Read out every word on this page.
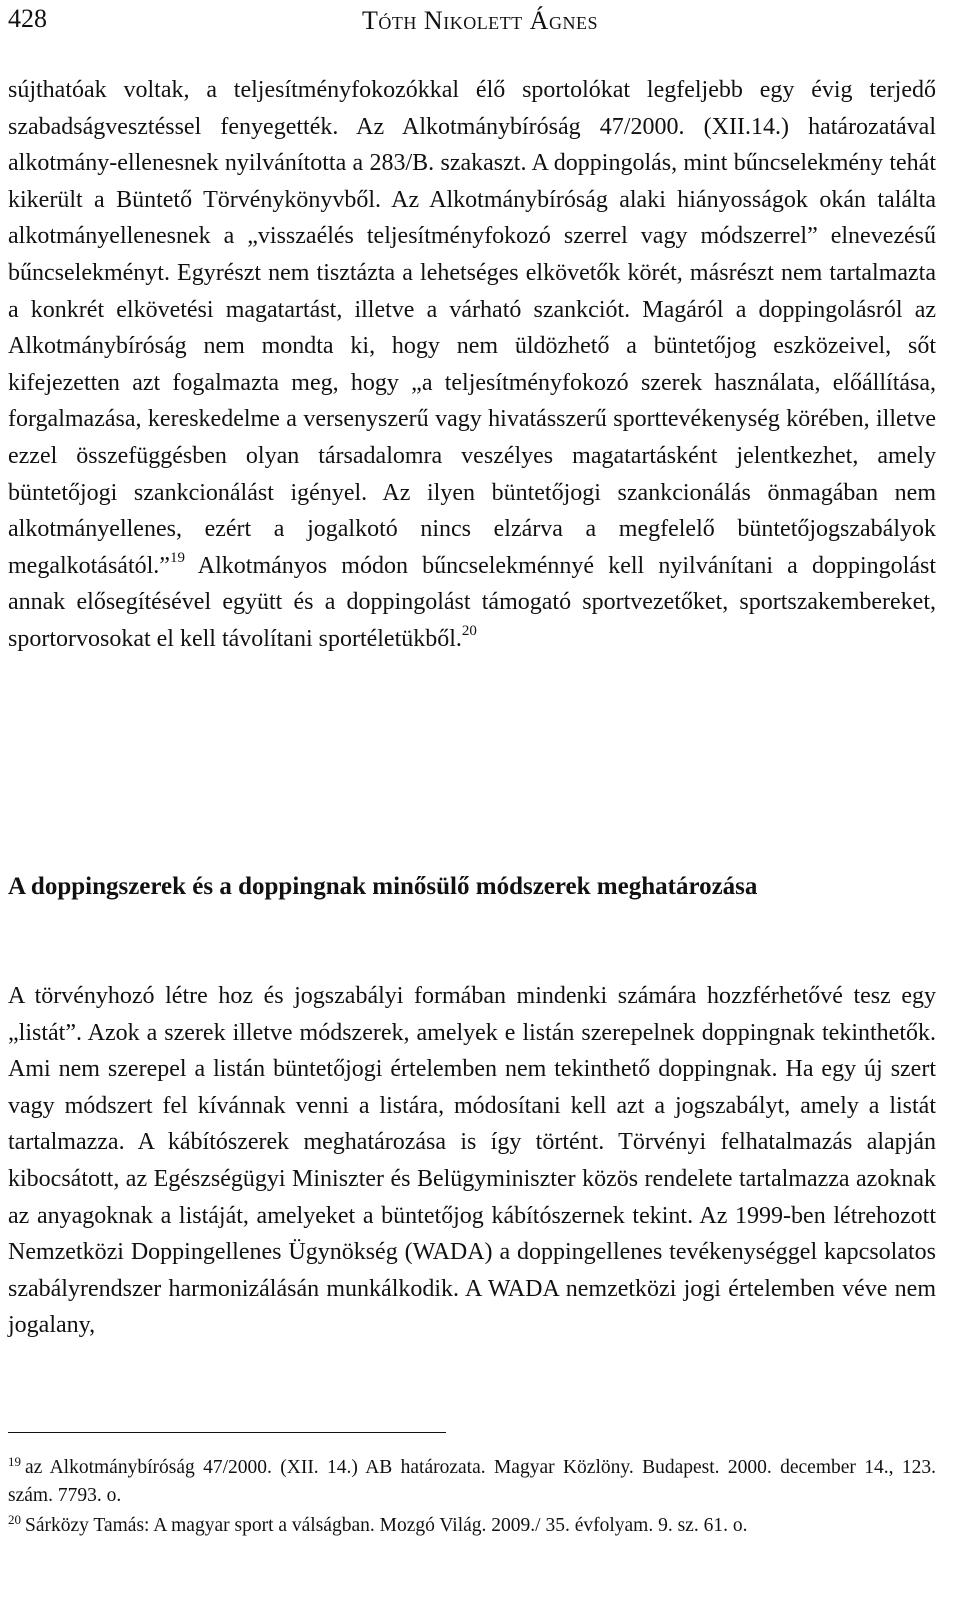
428	Tóth Nikolett Ágnes

sújthatóak voltak, a teljesítményfokozókkal élő sportolókat legfeljebb egy évig terjedő szabadságvesztéssel fenyegették. Az Alkotmánybíróság 47/2000. (XII.14.) határozatával alkotmány-ellenesnek nyilvánította a 283/B. szakaszt. A doppingolás, mint bűncselekmény tehát kikerült a Büntető Törvénykönyvből. Az Alkotmánybíróság alaki hiányosságok okán találta alkotmányellenesnek a „visszaélés teljesítményfokozó szerrel vagy módszerrel” elnevezésű bűncselekményt. Egyrészt nem tisztázta a lehetséges elkövetők körét, másrészt nem tartalmazta a konkrét elkövetési magatartást, illetve a várható szankciót. Magáról a doppingolásról az Alkotmánybíróság nem mondta ki, hogy nem üldözhető a büntetőjog eszközeivel, sőt kifejezetten azt fogalmazta meg, hogy „a teljesítményfokozó szerek használata, előállítása, forgalmazása, kereskedelme a versenyszerű vagy hivatásszerű sporttevékenység körében, illetve ezzel összefüggésben olyan társadalomra veszélyes magatartásként jelentkezhet, amely büntetőjogi szankcionálást igényel. Az ilyen büntetőjogi szankcionálás önmagában nem alkotmányellenes, ezért a jogalkotó nincs elzárva a megfelelő büntetőjogszabályok megalkotásától.”$^{19}$ Alkotmányos módon bűncselekménnyé kell nyilvánítani a doppingolást annak elősegítésével együtt és a doppingolást támogató sportvezetőket, sportszakembereket, sportorvosokat el kell távolítani sportéletükből.$^{20}$

A doppingszerek és a doppingnak minősülő módszerek meghatározása

A törvényhozó létre hoz és jogszabályi formában mindenki számára hozzférhetővé tesz egy „listát”. Azok a szerek illetve módszerek, amelyek e listán szerepelnek doppingnak tekinthetők. Ami nem szerepel a listán büntetőjogi értelemben nem tekinthető doppingnak. Ha egy új szert vagy módszert fel kívánnak venni a listára, módosítani kell azt a jogszabályt, amely a listát tartalmazza. A kábítószerek meghatározása is így történt. Törvényi felhatalmazás alapján kibocsátott, az Egészségügyi Miniszter és Belügyminiszter közös rendelete tartalmazza azoknak az anyagoknak a listáját, amelyeket a büntetőjog kábítószernek tekint. Az 1999-ben létrehozott Nemzetközi Doppingellenes Ügynökség (WADA) a doppingellenes tevékenységgel kapcsolatos szabályrendszer harmonizálásán munkálkodik. A WADA nemzetközi jogi értelemben véve nem jogalany,

$^{19}$ az Alkotmánybíróság 47/2000. (XII. 14.) AB határozata. Magyar Közlöny. Budapest. 2000. december 14., 123. szám. 7793. o.

$^{20}$ Sárközy Tamás: A magyar sport a válságban. Mozgó Világ. 2009./ 35. évfolyam. 9. sz. 61. o.
